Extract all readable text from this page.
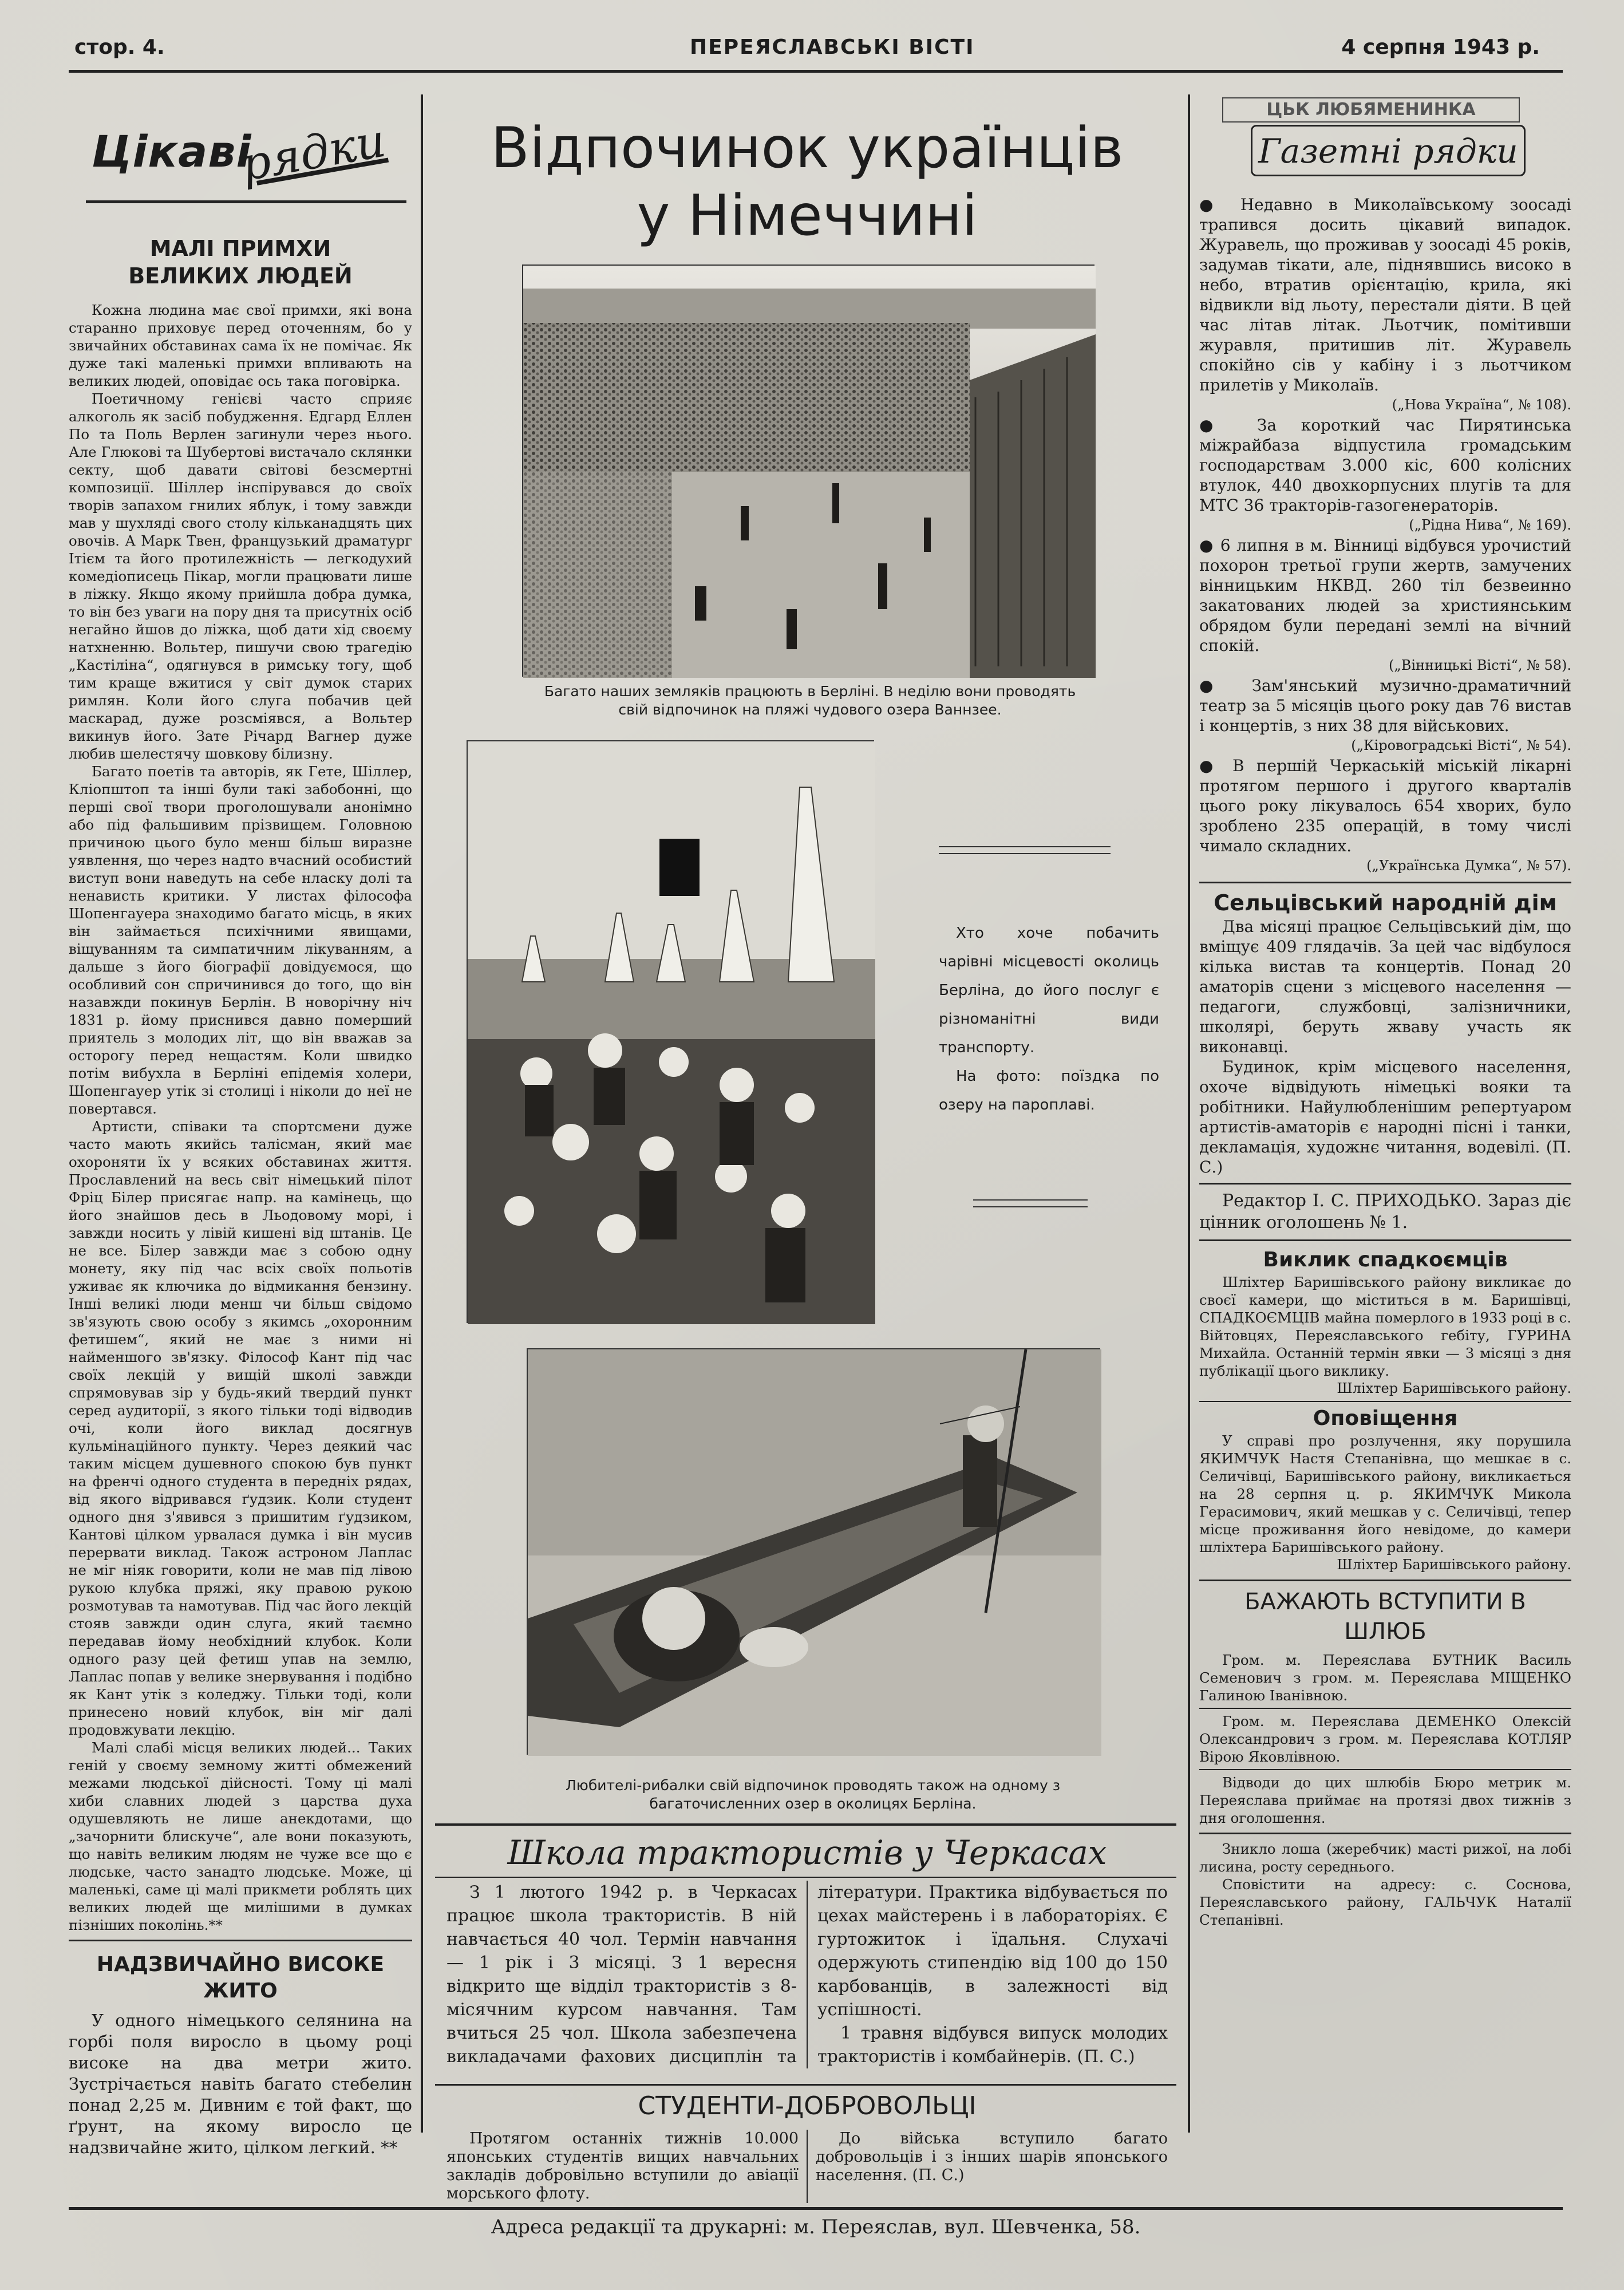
стор. 4.	ПЕРЕЯСЛАВСЬКІ ВІСТІ	4 серпня 1943 р.
Цікаві
рядки
МАЛІ ПРИМХИ ВЕЛИКИХ ЛЮДЕЙ

Кожна людина має свої примхи, які вона старанно приховує перед оточенням, бо у звичайних обставинах сама їх не помічає. Як дуже такі маленькі примхи впливають на великих людей, оповідає ось така поговірка.

Поетичному генієві часто сприяє алкоголь як засіб побудження. Едгард Еллен По та Поль Верлен загинули через нього. Але Глюкові та Шубертові вистачало склянки секту, щоб давати світові безсмертні композиції. Шіллер інспірувався до своїх творів запахом гнилих яблук, і тому завжди мав у шухляді свого столу кільканадцять цих овочів. А Марк Твен, французький драматург Ітієм та його протилежність — легкодухий комедіописець Пікар, могли працювати лише в ліжку. Якщо якому прийшла добра думка, то він без уваги на пору дня та присутніх осіб негайно йшов до ліжка, щоб дати хід своєму натхненню. Вольтер, пишучи свою трагедію „Кастіліна“, одягнувся в римську тогу, щоб тим краще вжитися у світ думок старих римлян. Коли його слуга побачив цей маскарад, дуже розсміявся, а Вольтер викинув його. Зате Річард Вагнер дуже любив шелестячу шовкову білизну.

Багато поетів та авторів, як Гете, Шіллер, Кліопштоп та інші були такі забобонні, що перші свої твори проголошували анонімно або під фальшивим прізвищем. Головною причиною цього було менш більш виразне уявлення, що через надто вчасний особистий виступ вони наведуть на себе нласку долі та ненависть критики. У листах філософа Шопенгауера знаходимо багато місць, в яких він займається психічними явищами, віщуванням та симпатичним лікуванням, а дальше з його біографії довідуємося, що особливий сон спричинився до того, що він назавжди покинув Берлін. В новорічну ніч 1831 р. йому приснився давно померший приятель з молодих літ, що він вважав за осторогу перед нещастям. Коли швидко потім вибухла в Берліні епідемія холери, Шопенгауер утік зі столиці і ніколи до неї не повертався.

Артисти, співаки та спортсмени дуже часто мають якийсь талісман, який має охороняти їх у всяких обставинах життя. Прославлений на весь світ німецький пілот Фріц Білер присягає напр. на камінець, що його знайшов десь в Льодовому морі, і завжди носить у лівій кишені від штанів. Це не все. Білер завжди має з собою одну монету, яку під час всіх своїх польотів уживає як ключика до відмикання бензину. Інші великі люди менш чи більш свідомо зв'язують свою особу з якимсь „охоронним фетишем“, який не має з ними ні найменшого зв'язку. Філософ Кант під час своїх лекцій у вищій школі завжди спрямовував зір у будь-який твердий пункт серед аудиторії, з якого тільки тоді відводив очі, коли його виклад досягнув кульмінаційного пункту. Через деякий час таким місцем душевного спокою був пункт на френчі одного студента в передніх рядах, від якого відривався ґудзик. Коли студент одного дня з'явився з пришитим ґудзиком, Кантові цілком урвалася думка і він мусив перервати виклад. Також астроном Лаплас не міг ніяк говорити, коли не мав під лівою рукою клубка пряжі, яку правою рукою розмотував та намотував. Під час його лекцій стояв завжди один слуга, який таємно передавав йому необхідний клубок. Коли одного разу цей фетиш упав на землю, Лаплас попав у велике знервування і подібно як Кант утік з коледжу. Тільки тоді, коли принесено новий клубок, він міг далі продовжувати лекцію.

Малі слабі місця великих людей... Таких геній у своєму земному житті обмежений межами людської дійсності. Тому ці малі хиби славних людей з царства духа одушевляють не лише анекдотами, що „зачорнити блискуче“, але вони показують, що навіть великим людям не чуже все що є людське, часто занадто людське. Може, ці маленькі, саме ці малі прикмети роблять цих великих людей ще милішими в думках пізніших поколінь.**

НАДЗВИЧАЙНО ВИСОКЕ ЖИТО

У одного німецького селянина на горбі поля виросло в цьому році високе на два метри жито. Зустрічається навіть багато стебелин понад 2,25 м. Дивним є той факт, що ґрунт, на якому виросло це надзвичайне жито, цілком легкий. **

Відпочинок українців
у Німеччині
Багато наших земляків працюють в Берліні. В неділю вони проводять свій відпочинок на пляжі чудового озера Ваннзее.

Хто хоче побачить чарівні місцевості околиць Берліна, до його послуг є різноманітні види транспорту.

На фото: поїздка по озеру на пароплаві.

Любителі-рибалки свій відпочинок проводять також на одному з багаточисленних озер в околицях Берліна.
Школа трактористів у Черкасах

З 1 лютого 1942 р. в Черкасах працює школа трактористів. В ній навчається 40 чол. Термін навчання — 1 рік і 3 місяці. З 1 вересня відкрито ще відділ трактористів з 8-місячним курсом навчання. Там вчиться 25 чол. Школа забезпечена викладачами фахових дисциплін та літератури. Практика відбувається по цехах майстерень і в лабораторіях. Є гуртожиток і їдальня. Слухачі одержують стипендію від 100 до 150 карбованців, в залежності від успішності.

1 травня відбувся випуск молодих трактористів і комбайнерів. (П. С.)

СТУДЕНТИ-ДОБРОВОЛЬЦІ

Протягом останніх тижнів 10.000 японських студентів вищих навчальних закладів добровільно вступили до авіації морського флоту.

До війська вступило багато добровольців і з інших шарів японського населення. (П. С.)

Адреса редакції та друкарні: м. Переяслав, вул. Шевченка, 58.
ЦЬК ЛЮБЯМЕНИНКА
Газетні рядки

● Недавно в Миколаївському зоосаді трапився досить цікавий випадок. Журавель, що проживав у зоосаді 45 років, задумав тікати, але, піднявшись високо в небо, втратив орієнтацію, крила, які відвикли від льоту, перестали діяти. В цей час літав літак. Льотчик, помітивши журавля, притишив літ. Журавель спокійно сів у кабіну і з льотчиком прилетів у Миколаїв.

(„Нова Україна“, № 108).

● За короткий час Пирятинська міжрайбаза відпустила громадським господарствам 3.000 кіс, 600 колісних втулок, 440 двохкорпусних плугів та для МТС 36 тракторів-газогенераторів.

(„Рідна Нива“, № 169).

● 6 липня в м. Вінниці відбувся урочистий похорон третьої групи жертв, замучених вінницьким НКВД. 260 тіл безвеинно закатованих людей за християнським обрядом були передані землі на вічний спокій.

(„Вінницькі Вісті“, № 58).

● Зам'янський музично-драматичний театр за 5 місяців цього року дав 76 вистав і концертів, з них 38 для військових.

(„Кіровоградські Вісті“, № 54).

● В першій Черкаській міській лікарні протягом першого і другого кварталів цього року лікувалось 654 хворих, було зроблено 235 операцій, в тому числі чимало складних.

(„Українська Думка“, № 57).
Сельцівський народній дім

Два місяці працює Сельцівський дім, що вміщує 409 глядачів. За цей час відбулося кілька вистав та концертів. Понад 20 аматорів сцени з місцевого населення — педагоги, службовці, залізничники, школярі, беруть жваву участь як виконавці.

Будинок, крім місцевого населення, охоче відвідують німецькі вояки та робітники. Найулюбленішим репертуаром артистів-аматорів є народні пісні і танки, декламація, художнє читання, водевілі. (П. С.)

Редактор І. С. ПРИХОДЬКО. Зараз діє цінник оголошень № 1.

Виклик спадкоємців

Шліхтер Баришівського району викликає до своєї камери, що міститься в м. Баришівці, СПАДКОЄМЦІВ майна померлого в 1933 році в с. Війтовцях, Переяславського гебіту, ГУРИНА Михайла. Останній термін явки — 3 місяці з дня публікації цього виклику.

Шліхтер Баришівського району.
Оповіщення

У справі про розлучення, яку порушила ЯКИМЧУК Настя Степанівна, що мешкає в с. Селичівці, Баришівського району, викликається на 28 серпня ц. р. ЯКИМЧУК Микола Герасимович, який мешкав у с. Селичівці, тепер місце проживання його невідоме, до камери шліхтера Баришівського району.

Шліхтер Баришівського району.
БАЖАЮТЬ ВСТУПИТИ В ШЛЮБ

Гром. м. Переяслава БУТНИК Василь Семенович з гром. м. Переяслава МІЩЕНКО Галиною Іванівною.

Гром. м. Переяслава ДЕМЕНКО Олексій Олександрович з гром. м. Переяслава КОТЛЯР Вірою Яковлівною.

Відводи до цих шлюбів Бюро метрик м. Переяслава приймає на протязі двох тижнів з дня оголошення.

Зникло лоша (жеребчик) масті рижої, на лобі лисина, росту середнього.

Сповістити на адресу: с. Соснова, Переяславського району, ГАЛЬЧУК Наталії Степанівні.
